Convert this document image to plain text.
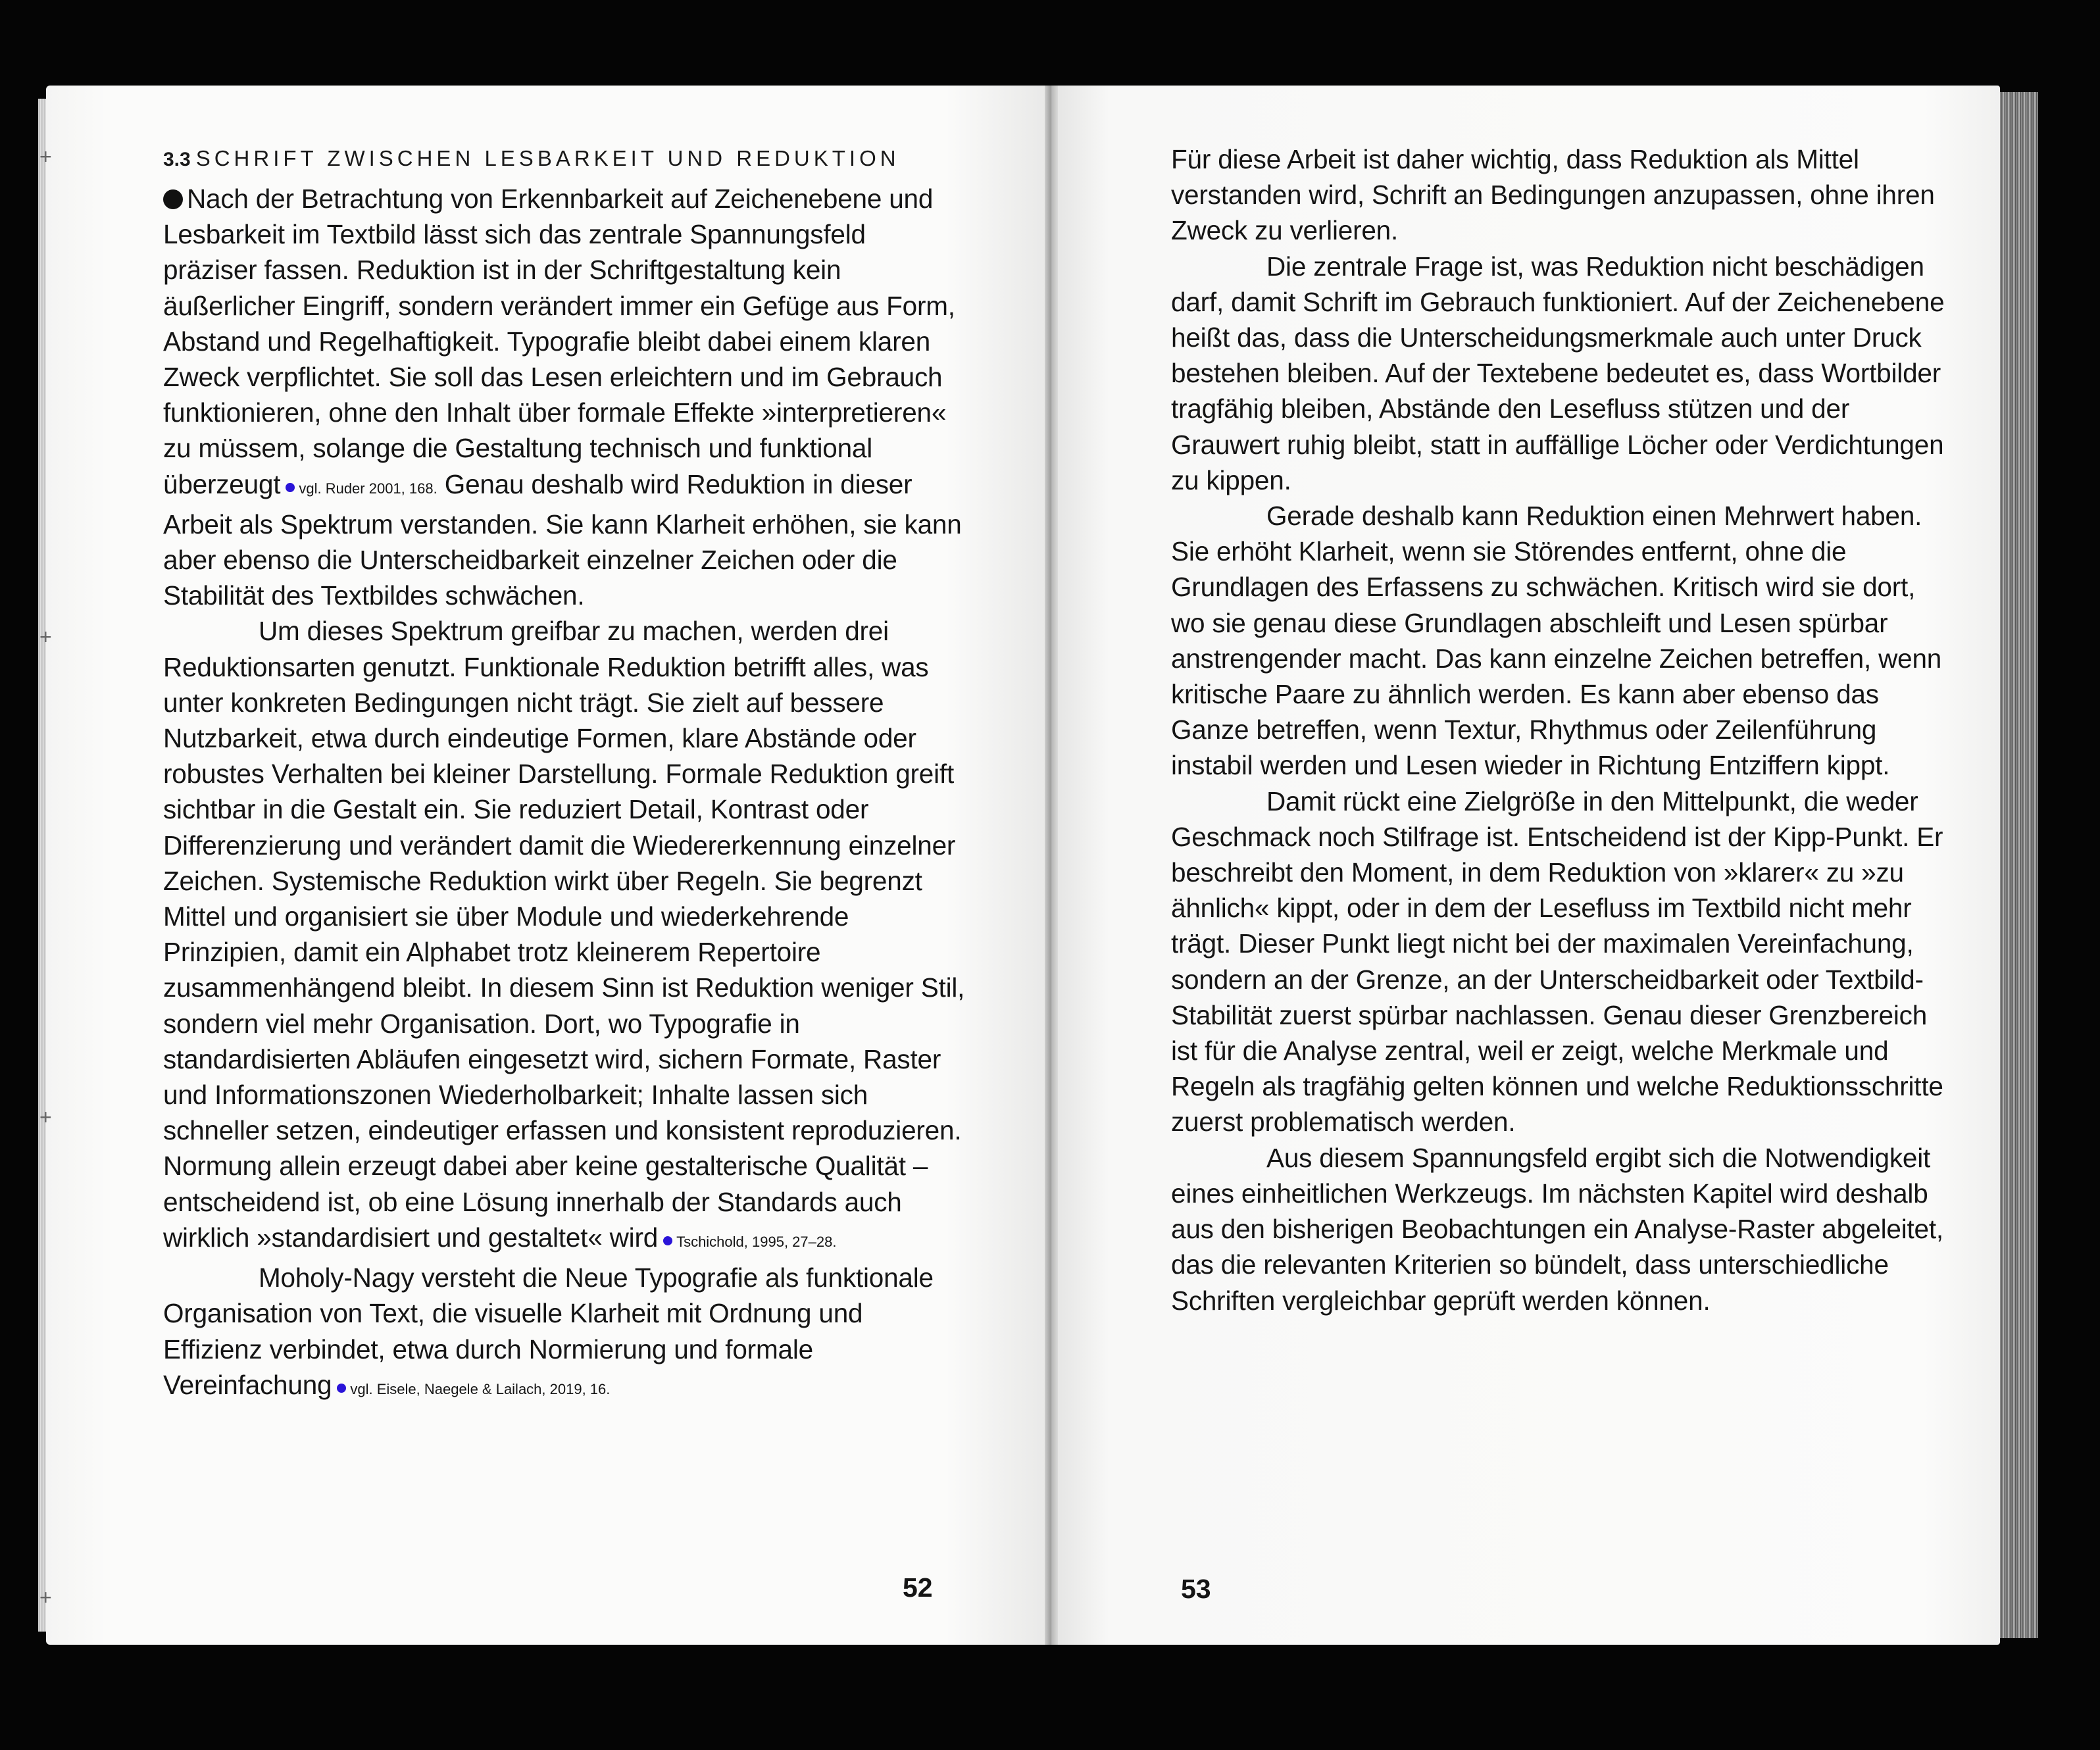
+
+
+
+
3.3 SCHRIFT ZWISCHEN LESBARKEIT UND REDUKTION

Nach der Betrachtung von Erkennbarkeit auf Zeichenebene und Lesbarkeit im Textbild lässt sich das zentrale Spannungsfeld präziser fassen. Reduktion ist in der Schriftgestaltung kein äußerlicher Eingriff, sondern verändert immer ein Gefüge aus Form, Abstand und Regelhaftigkeit. Typografie bleibt dabei einem klaren Zweck verpflichtet. Sie soll das Lesen erleichtern und im Gebrauch funktionieren, ohne den Inhalt über formale Effekte »interpretieren« zu müssem, solange die Gestaltung technisch und funktional überzeugt vgl. Ruder 2001, 168. Genau deshalb wird Reduktion in dieser Arbeit als Spektrum verstanden. Sie kann Klarheit erhöhen, sie kann aber ebenso die Unterscheidbarkeit einzelner Zeichen oder die Stabilität des Textbildes schwächen.

Um dieses Spektrum greifbar zu machen, werden drei Reduktionsarten genutzt. Funktionale Reduktion betrifft alles, was unter konkreten Bedingungen nicht trägt. Sie zielt auf bessere Nutzbarkeit, etwa durch eindeutige Formen, klare Abstände oder robustes Verhalten bei kleiner Darstellung. Formale Reduktion greift sichtbar in die Gestalt ein. Sie reduziert Detail, Kontrast oder Differenzierung und verändert damit die Wiedererkennung einzelner Zeichen. Systemische Reduktion wirkt über Regeln. Sie begrenzt Mittel und organisiert sie über Module und wiederkehrende Prinzipien, damit ein Alphabet trotz kleinerem Repertoire zusammenhängend bleibt. In diesem Sinn ist Reduktion weniger Stil, sondern viel mehr Organisation. Dort, wo Typografie in standardisierten Abläufen eingesetzt wird, sichern Formate, Raster und Informationszonen Wiederholbarkeit; Inhalte lassen sich schneller setzen, eindeutiger erfassen und konsistent reproduzieren. Normung allein erzeugt dabei aber keine gestalterische Qualität – entscheidend ist, ob eine Lösung innerhalb der Standards auch wirklich »standardisiert und gestaltet« wird Tschichold, 1995, 27–28.

Moholy-Nagy versteht die Neue Typografie als funktionale Organisation von Text, die visuelle Klarheit mit Ordnung und Effizienz verbindet, etwa durch Normierung und formale Vereinfachung vgl. Eisele, Naegele & Lailach, 2019, 16.

Für diese Arbeit ist daher wichtig, dass Reduktion als Mittel verstanden wird, Schrift an Bedingungen anzupassen, ohne ihren Zweck zu verlieren.

Die zentrale Frage ist, was Reduktion nicht beschädigen darf, damit Schrift im Gebrauch funktioniert. Auf der Zeichenebene heißt das, dass die Unterscheidungsmerkmale auch unter Druck bestehen bleiben. Auf der Textebene bedeutet es, dass Wortbilder tragfähig bleiben, Abstände den Lesefluss stützen und der Grauwert ruhig bleibt, statt in auffällige Löcher oder Verdichtungen zu kippen.

Gerade deshalb kann Reduktion einen Mehrwert haben. Sie erhöht Klarheit, wenn sie Störendes entfernt, ohne die Grundlagen des Erfassens zu schwächen. Kritisch wird sie dort, wo sie genau diese Grundlagen abschleift und Lesen spürbar anstrengender macht. Das kann einzelne Zeichen betreffen, wenn kritische Paare zu ähnlich werden. Es kann aber ebenso das Ganze betreffen, wenn Textur, Rhythmus oder Zeilenführung instabil werden und Lesen wieder in Richtung Entziffern kippt.

Damit rückt eine Zielgröße in den Mittelpunkt, die weder Geschmack noch Stilfrage ist. Entscheidend ist der Kipp-Punkt. Er beschreibt den Moment, in dem Reduktion von »klarer« zu »zu ähnlich« kippt, oder in dem der Lesefluss im Textbild nicht mehr trägt. Dieser Punkt liegt nicht bei der maximalen Vereinfachung, sondern an der Grenze, an der Unterscheidbarkeit oder Textbild-Stabilität zuerst spürbar nachlassen. Genau dieser Grenzbereich ist für die Analyse zentral, weil er zeigt, welche Merkmale und Regeln als tragfähig gelten können und welche Reduktionsschritte zuerst problematisch werden.

Aus diesem Spannungsfeld ergibt sich die Notwendigkeit eines einheitlichen Werkzeugs. Im nächsten Kapitel wird deshalb aus den bisherigen Beobachtungen ein Analyse-Raster abgeleitet, das die relevanten Kriterien so bündelt, dass unterschiedliche Schriften vergleichbar geprüft werden können.

52	53
